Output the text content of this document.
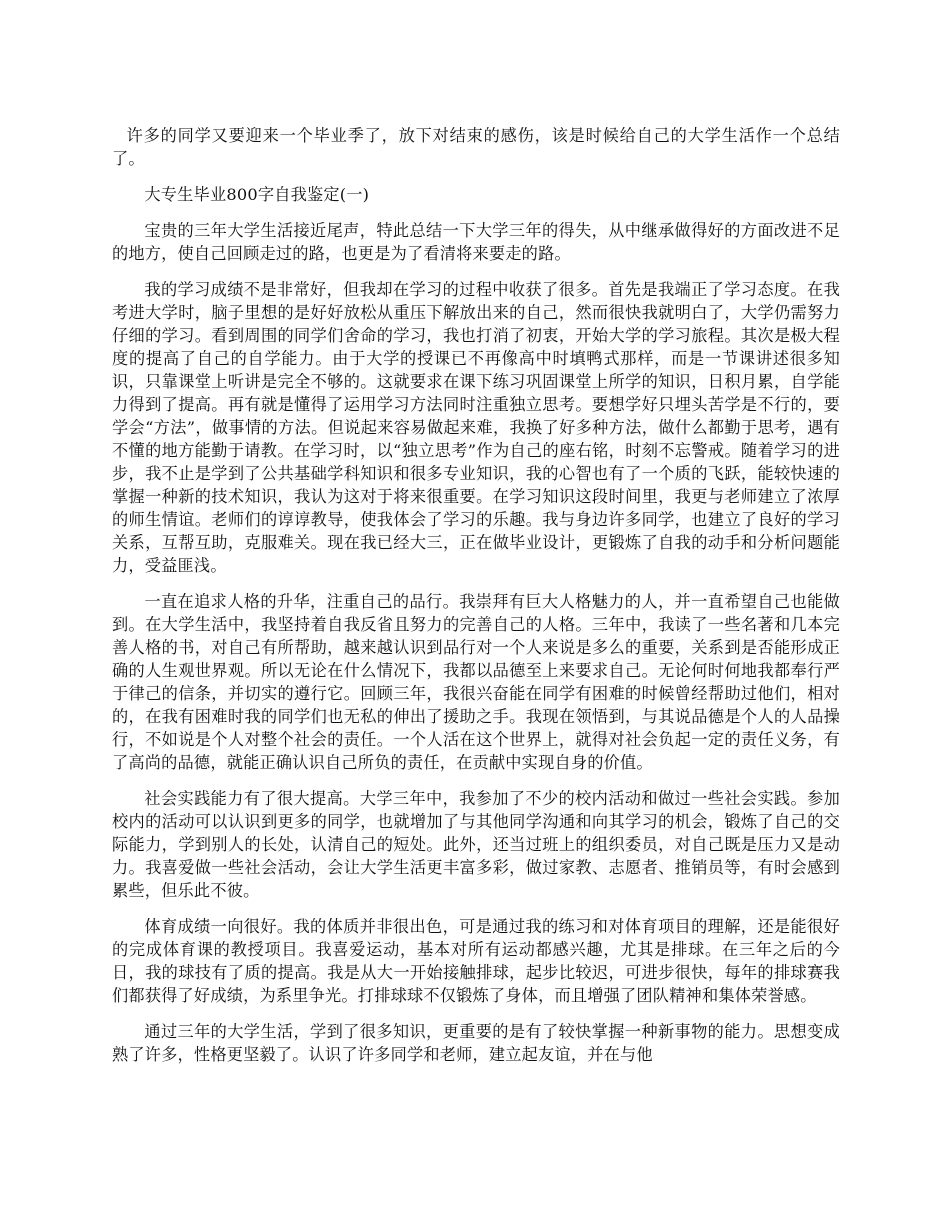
许多的同学又要迎来一个毕业季了，放下对结束的感伤，该是时候给自己的大学生活作一个总结了。

大专生毕业800字自我鉴定(一)

宝贵的三年大学生活接近尾声，特此总结一下大学三年的得失，从中继承做得好的方面改进不足的地方，使自己回顾走过的路，也更是为了看清将来要走的路。

我的学习成绩不是非常好，但我却在学习的过程中收获了很多。首先是我端正了学习态度。在我考进大学时，脑子里想的是好好放松从重压下解放出来的自己，然而很快我就明白了，大学仍需努力仔细的学习。看到周围的同学们舍命的学习，我也打消了初衷，开始大学的学习旅程。其次是极大程度的提高了自己的自学能力。由于大学的授课已不再像高中时填鸭式那样，而是一节课讲述很多知识，只靠课堂上听讲是完全不够的。这就要求在课下练习巩固课堂上所学的知识，日积月累，自学能力得到了提高。再有就是懂得了运用学习方法同时注重独立思考。要想学好只埋头苦学是不行的，要学会“方法”，做事情的方法。但说起来容易做起来难，我换了好多种方法，做什么都勤于思考，遇有不懂的地方能勤于请教。在学习时，以“独立思考”作为自己的座右铭，时刻不忘警戒。随着学习的进步，我不止是学到了公共基础学科知识和很多专业知识，我的心智也有了一个质的飞跃，能较快速的掌握一种新的技术知识，我认为这对于将来很重要。在学习知识这段时间里，我更与老师建立了浓厚的师生情谊。老师们的谆谆教导，使我体会了学习的乐趣。我与身边许多同学，也建立了良好的学习关系，互帮互助，克服难关。现在我已经大三，正在做毕业设计，更锻炼了自我的动手和分析问题能力，受益匪浅。

一直在追求人格的升华，注重自己的品行。我崇拜有巨大人格魅力的人，并一直希望自己也能做到。在大学生活中，我坚持着自我反省且努力的完善自己的人格。三年中，我读了一些名著和几本完善人格的书，对自己有所帮助，越来越认识到品行对一个人来说是多么的重要，关系到是否能形成正确的人生观世界观。所以无论在什么情况下，我都以品德至上来要求自己。无论何时何地我都奉行严于律己的信条，并切实的遵行它。回顾三年，我很兴奋能在同学有困难的时候曾经帮助过他们，相对的，在我有困难时我的同学们也无私的伸出了援助之手。我现在领悟到，与其说品德是个人的人品操行，不如说是个人对整个社会的责任。一个人活在这个世界上，就得对社会负起一定的责任义务，有了高尚的品德，就能正确认识自己所负的责任，在贡献中实现自身的价值。

社会实践能力有了很大提高。大学三年中，我参加了不少的校内活动和做过一些社会实践。参加校内的活动可以认识到更多的同学，也就增加了与其他同学沟通和向其学习的机会，锻炼了自己的交际能力，学到别人的长处，认清自己的短处。此外，还当过班上的组织委员，对自己既是压力又是动力。我喜爱做一些社会活动，会让大学生活更丰富多彩，做过家教、志愿者、推销员等，有时会感到累些，但乐此不彼。

体育成绩一向很好。我的体质并非很出色，可是通过我的练习和对体育项目的理解，还是能很好的完成体育课的教授项目。我喜爱运动，基本对所有运动都感兴趣，尤其是排球。在三年之后的今日，我的球技有了质的提高。我是从大一开始接触排球，起步比较迟，可进步很快，每年的排球赛我们都获得了好成绩，为系里争光。打排球球不仅锻炼了身体，而且增强了团队精神和集体荣誉感。

通过三年的大学生活，学到了很多知识，更重要的是有了较快掌握一种新事物的能力。思想变成熟了许多，性格更坚毅了。认识了许多同学和老师，建立起友谊，并在与他
